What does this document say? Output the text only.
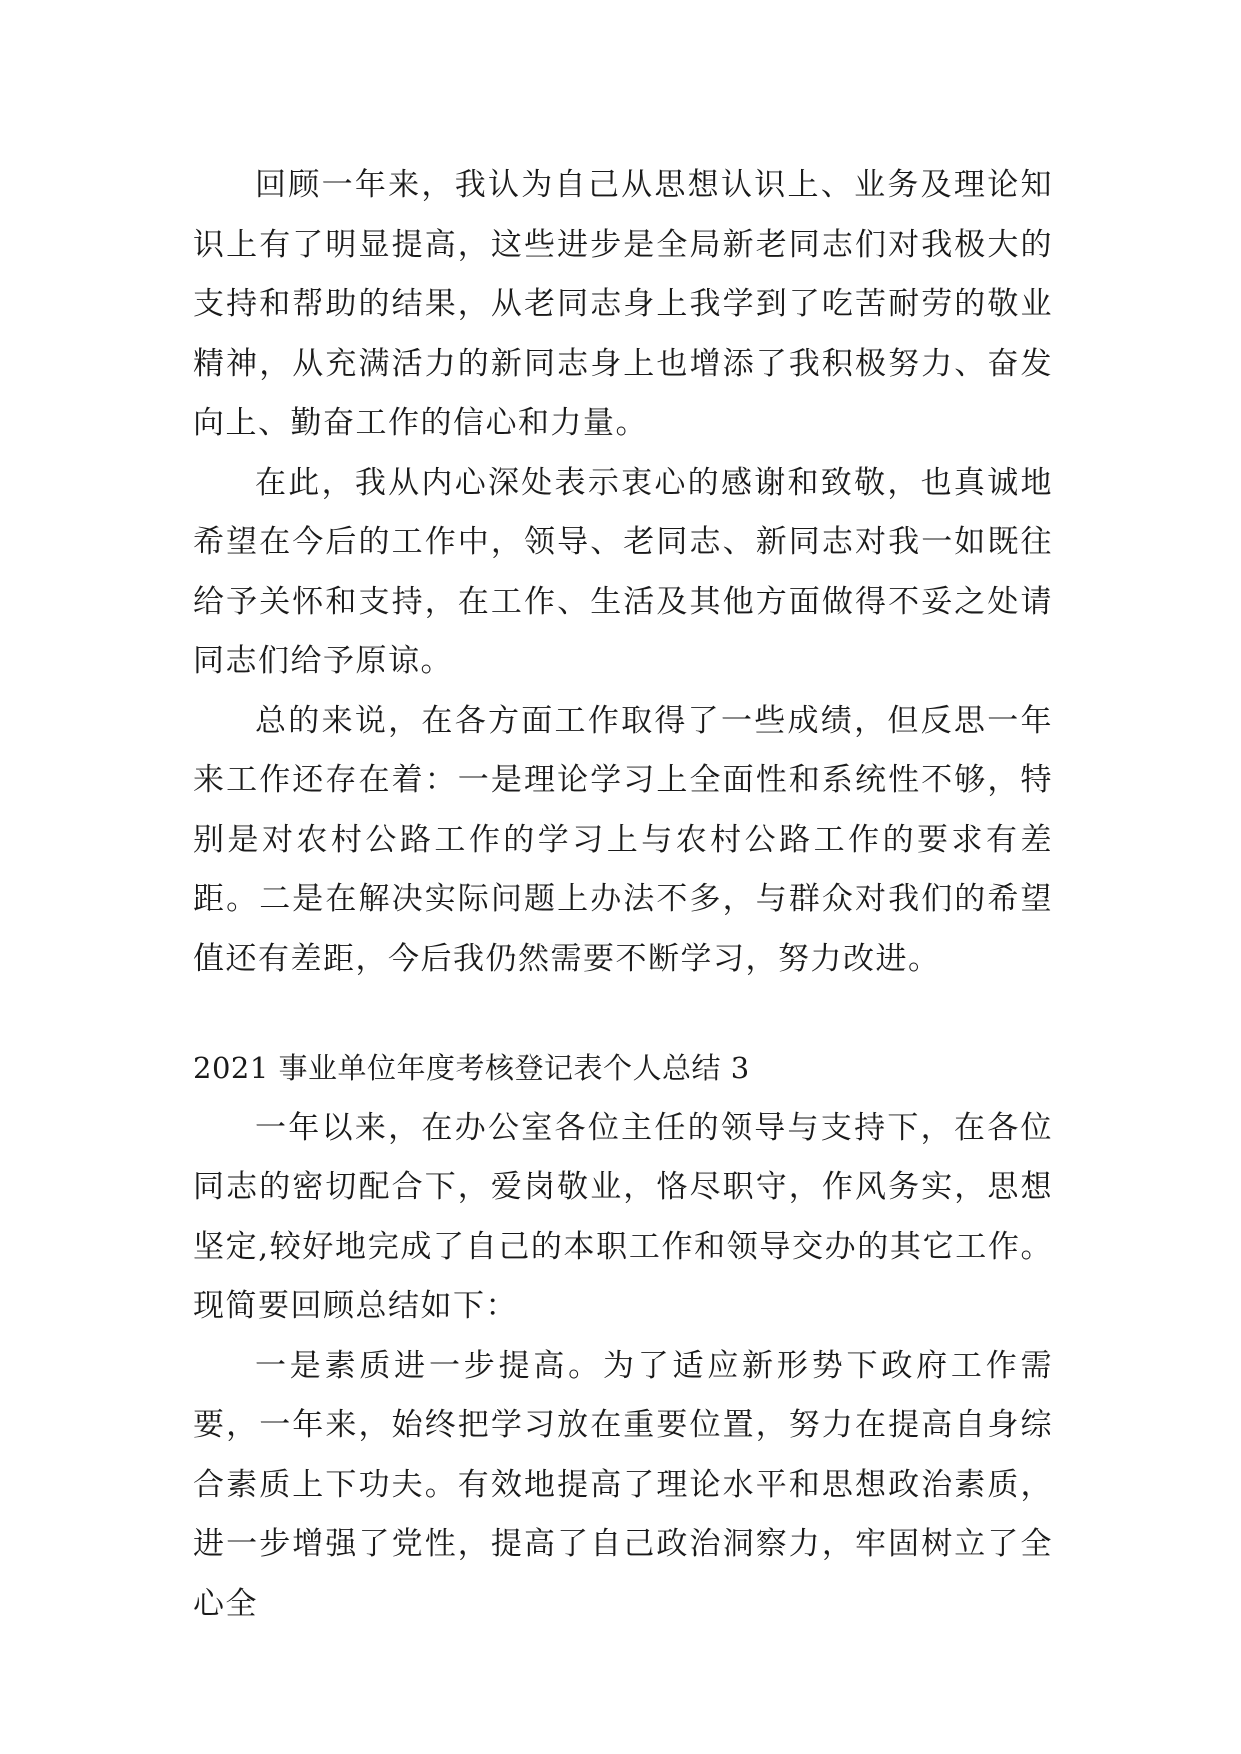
回顾一年来，我认为自己从思想认识上、业务及理论知识上有了明显提高，这些进步是全局新老同志们对我极大的支持和帮助的结果，从老同志身上我学到了吃苦耐劳的敬业精神，从充满活力的新同志身上也增添了我积极努力、奋发向上、勤奋工作的信心和力量。

在此，我从内心深处表示衷心的感谢和致敬，也真诚地希望在今后的工作中，领导、老同志、新同志对我一如既往给予关怀和支持，在工作、生活及其他方面做得不妥之处请同志们给予原谅。

总的来说，在各方面工作取得了一些成绩，但反思一年来工作还存在着：一是理论学习上全面性和系统性不够，特别是对农村公路工作的学习上与农村公路工作的要求有差距。二是在解决实际问题上办法不多，与群众对我们的希望值还有差距，今后我仍然需要不断学习，努力改进。

2021 事业单位年度考核登记表个人总结 3

一年以来，在办公室各位主任的领导与支持下，在各位同志的密切配合下，爱岗敬业，恪尽职守，作风务实，思想坚定,较好地完成了自己的本职工作和领导交办的其它工作。现简要回顾总结如下：

一是素质进一步提高。为了适应新形势下政府工作需要，一年来，始终把学习放在重要位置，努力在提高自身综合素质上下功夫。有效地提高了理论水平和思想政治素质，进一步增强了党性，提高了自己政治洞察力，牢固树立了全心全
